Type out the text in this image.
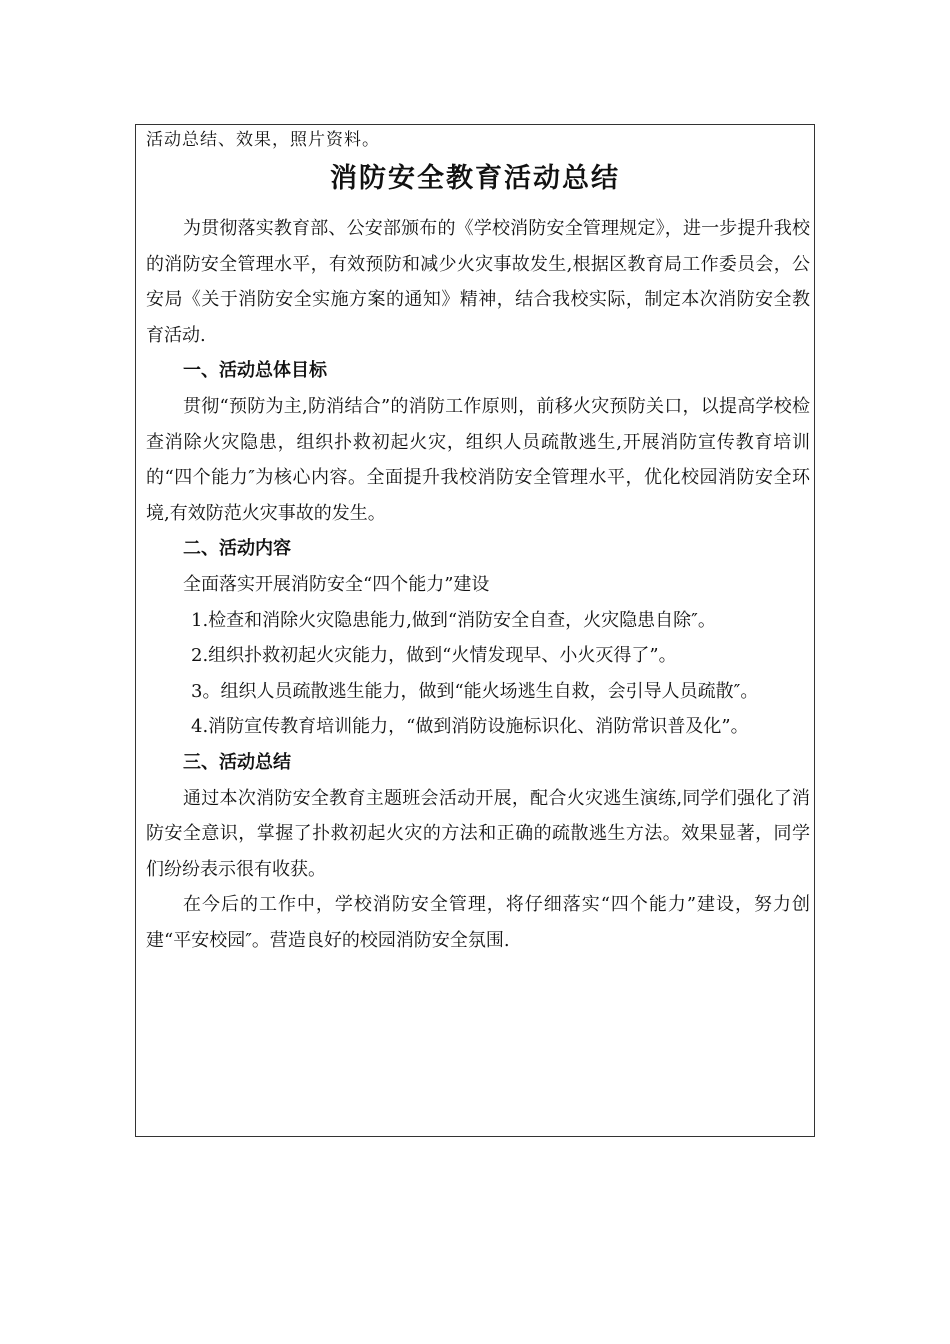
活动总结、效果，照片资料。
消防安全教育活动总结

为贯彻落实教育部、公安部颁布的《学校消防安全管理规定》，进一步提升我校的消防安全管理水平，有效预防和减少火灾事故发生,根据区教育局工作委员会，公安局《关于消防安全实施方案的通知》精神，结合我校实际，制定本次消防安全教育活动.

一、活动总体目标

贯彻“预防为主,防消结合”的消防工作原则，前移火灾预防关口，以提高学校检查消除火灾隐患，组织扑救初起火灾，组织人员疏散逃生,开展消防宣传教育培训的“四个能力″为核心内容。全面提升我校消防安全管理水平，优化校园消防安全环境,有效防范火灾事故的发生。

二、活动内容

全面落实开展消防安全“四个能力”建设

1.检查和消除火灾隐患能力,做到“消防安全自查，火灾隐患自除″。

2.组织扑救初起火灾能力，做到“火情发现早、小火灭得了”。

3。组织人员疏散逃生能力，做到“能火场逃生自救，会引导人员疏散″。

4.消防宣传教育培训能力，“做到消防设施标识化、消防常识普及化”。

三、活动总结

通过本次消防安全教育主题班会活动开展，配合火灾逃生演练,同学们强化了消防安全意识，掌握了扑救初起火灾的方法和正确的疏散逃生方法。效果显著，同学们纷纷表示很有收获。

在今后的工作中，学校消防安全管理，将仔细落实“四个能力”建设，努力创建“平安校园″。营造良好的校园消防安全氛围.
